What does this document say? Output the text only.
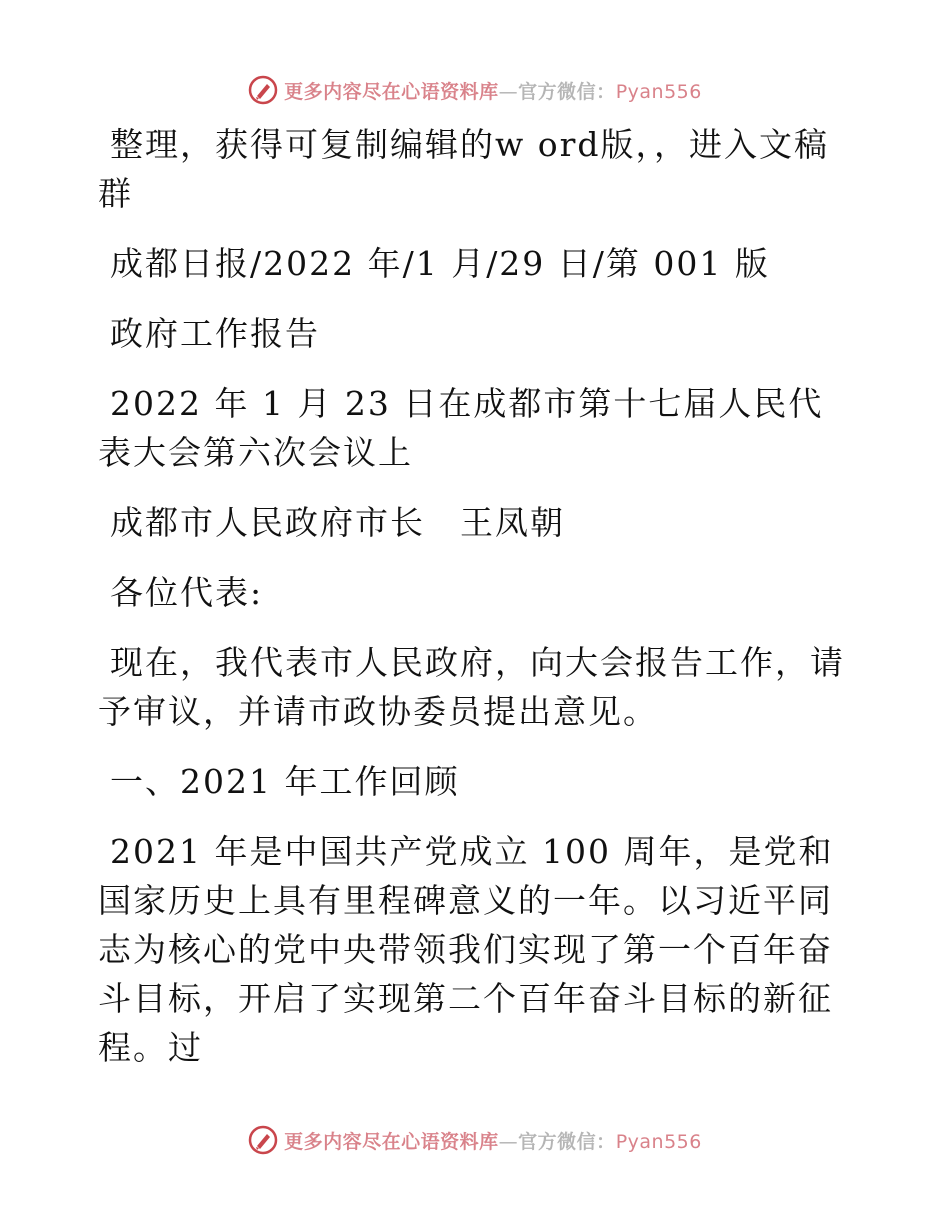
更多内容尽在心语资料库—官方微信：Pyan556

整理，获得可复制编辑的w ord版，，进入文稿群

成都日报/2022 年/1 月/29 日/第 001 版

政府工作报告

2022 年 1 月 23 日在成都市第十七届人民代表大会第六次会议上

成都市人民政府市长　王凤朝

各位代表:

现在，我代表市人民政府，向大会报告工作，请予审议，并请市政协委员提出意见。

一、2021 年工作回顾

2021 年是中国共产党成立 100 周年，是党和国家历史上具有里程碑意义的一年。以习近平同志为核心的党中央带领我们实现了第一个百年奋斗目标，开启了实现第二个百年奋斗目标的新征程。过

更多内容尽在心语资料库—官方微信：Pyan556
